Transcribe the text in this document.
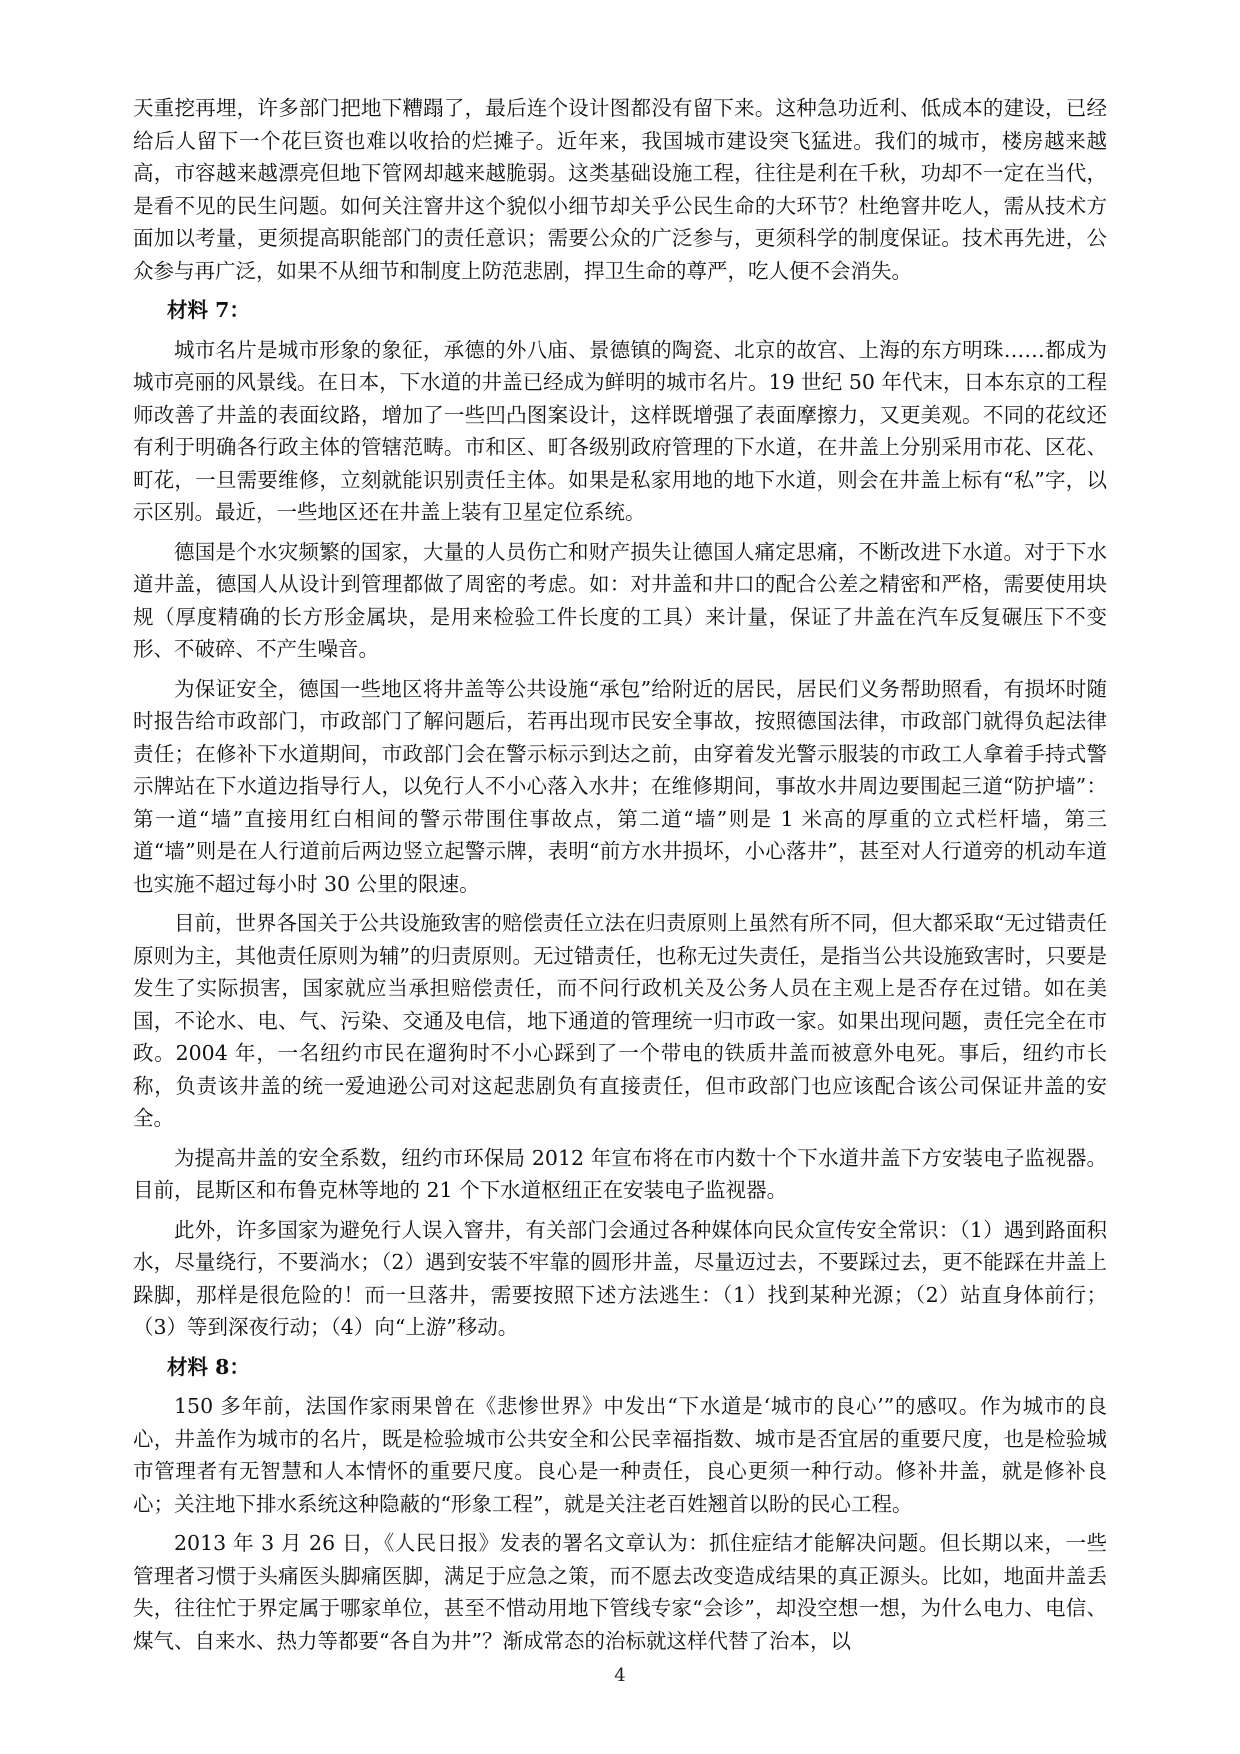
天重挖再埋，许多部门把地下糟蹋了，最后连个设计图都没有留下来。这种急功近利、低成本的建设，已经给后人留下一个花巨资也难以收拾的烂摊子。近年来，我国城市建设突飞猛进。我们的城市，楼房越来越高，市容越来越漂亮但地下管网却越来越脆弱。这类基础设施工程，往往是利在千秋，功却不一定在当代，是看不见的民生问题。如何关注窨井这个貌似小细节却关乎公民生命的大环节？杜绝窨井吃人，需从技术方面加以考量，更须提高职能部门的责任意识；需要公众的广泛参与，更须科学的制度保证。技术再先进，公众参与再广泛，如果不从细节和制度上防范悲剧，捍卫生命的尊严，吃人便不会消失。

材料 7：

城市名片是城市形象的象征，承德的外八庙、景德镇的陶瓷、北京的故宫、上海的东方明珠……都成为城市亮丽的风景线。在日本，下水道的井盖已经成为鲜明的城市名片。19 世纪 50 年代末，日本东京的工程师改善了井盖的表面纹路，增加了一些凹凸图案设计，这样既增强了表面摩擦力，又更美观。不同的花纹还有利于明确各行政主体的管辖范畴。市和区、町各级别政府管理的下水道，在井盖上分别采用市花、区花、町花，一旦需要维修，立刻就能识别责任主体。如果是私家用地的地下水道，则会在井盖上标有“私”字，以示区别。最近，一些地区还在井盖上装有卫星定位系统。

德国是个水灾频繁的国家，大量的人员伤亡和财产损失让德国人痛定思痛，不断改进下水道。对于下水道井盖，德国人从设计到管理都做了周密的考虑。如：对井盖和井口的配合公差之精密和严格，需要使用块规（厚度精确的长方形金属块，是用来检验工件长度的工具）来计量，保证了井盖在汽车反复碾压下不变形、不破碎、不产生噪音。

为保证安全，德国一些地区将井盖等公共设施“承包”给附近的居民，居民们义务帮助照看，有损坏时随时报告给市政部门，市政部门了解问题后，若再出现市民安全事故，按照德国法律，市政部门就得负起法律责任；在修补下水道期间，市政部门会在警示标示到达之前，由穿着发光警示服装的市政工人拿着手持式警示牌站在下水道边指导行人，以免行人不小心落入水井；在维修期间，事故水井周边要围起三道“防护墙”：第一道“墙”直接用红白相间的警示带围住事故点，第二道“墙”则是 1 米高的厚重的立式栏杆墙，第三道“墙”则是在人行道前后两边竖立起警示牌，表明“前方水井损坏，小心落井”，甚至对人行道旁的机动车道也实施不超过每小时 30 公里的限速。

目前，世界各国关于公共设施致害的赔偿责任立法在归责原则上虽然有所不同，但大都采取“无过错责任原则为主，其他责任原则为辅”的归责原则。无过错责任，也称无过失责任，是指当公共设施致害时，只要是发生了实际损害，国家就应当承担赔偿责任，而不问行政机关及公务人员在主观上是否存在过错。如在美国，不论水、电、气、污染、交通及电信，地下通道的管理统一归市政一家。如果出现问题，责任完全在市政。2004 年，一名纽约市民在遛狗时不小心踩到了一个带电的铁质井盖而被意外电死。事后，纽约市长称，负责该井盖的统一爱迪逊公司对这起悲剧负有直接责任，但市政部门也应该配合该公司保证井盖的安全。

为提高井盖的安全系数，纽约市环保局 2012 年宣布将在市内数十个下水道井盖下方安装电子监视器。目前，昆斯区和布鲁克林等地的 21 个下水道枢纽正在安装电子监视器。

此外，许多国家为避免行人误入窨井，有关部门会通过各种媒体向民众宣传安全常识：（1）遇到路面积水，尽量绕行，不要淌水；（2）遇到安装不牢靠的圆形井盖，尽量迈过去，不要踩过去，更不能踩在井盖上跺脚，那样是很危险的！而一旦落井，需要按照下述方法逃生：（1）找到某种光源；（2）站直身体前行；（3）等到深夜行动；（4）向“上游”移动。

材料 8：

150 多年前，法国作家雨果曾在《悲惨世界》中发出“下水道是‘城市的良心’”的感叹。作为城市的良心，井盖作为城市的名片，既是检验城市公共安全和公民幸福指数、城市是否宜居的重要尺度，也是检验城市管理者有无智慧和人本情怀的重要尺度。良心是一种责任，良心更须一种行动。修补井盖，就是修补良心；关注地下排水系统这种隐蔽的“形象工程”，就是关注老百姓翘首以盼的民心工程。

2013 年 3 月 26 日，《人民日报》发表的署名文章认为：抓住症结才能解决问题。但长期以来，一些管理者习惯于头痛医头脚痛医脚，满足于应急之策，而不愿去改变造成结果的真正源头。比如，地面井盖丢失，往往忙于界定属于哪家单位，甚至不惜动用地下管线专家“会诊”，却没空想一想，为什么电力、电信、煤气、自来水、热力等都要“各自为井”？渐成常态的治标就这样代替了治本，以

4
